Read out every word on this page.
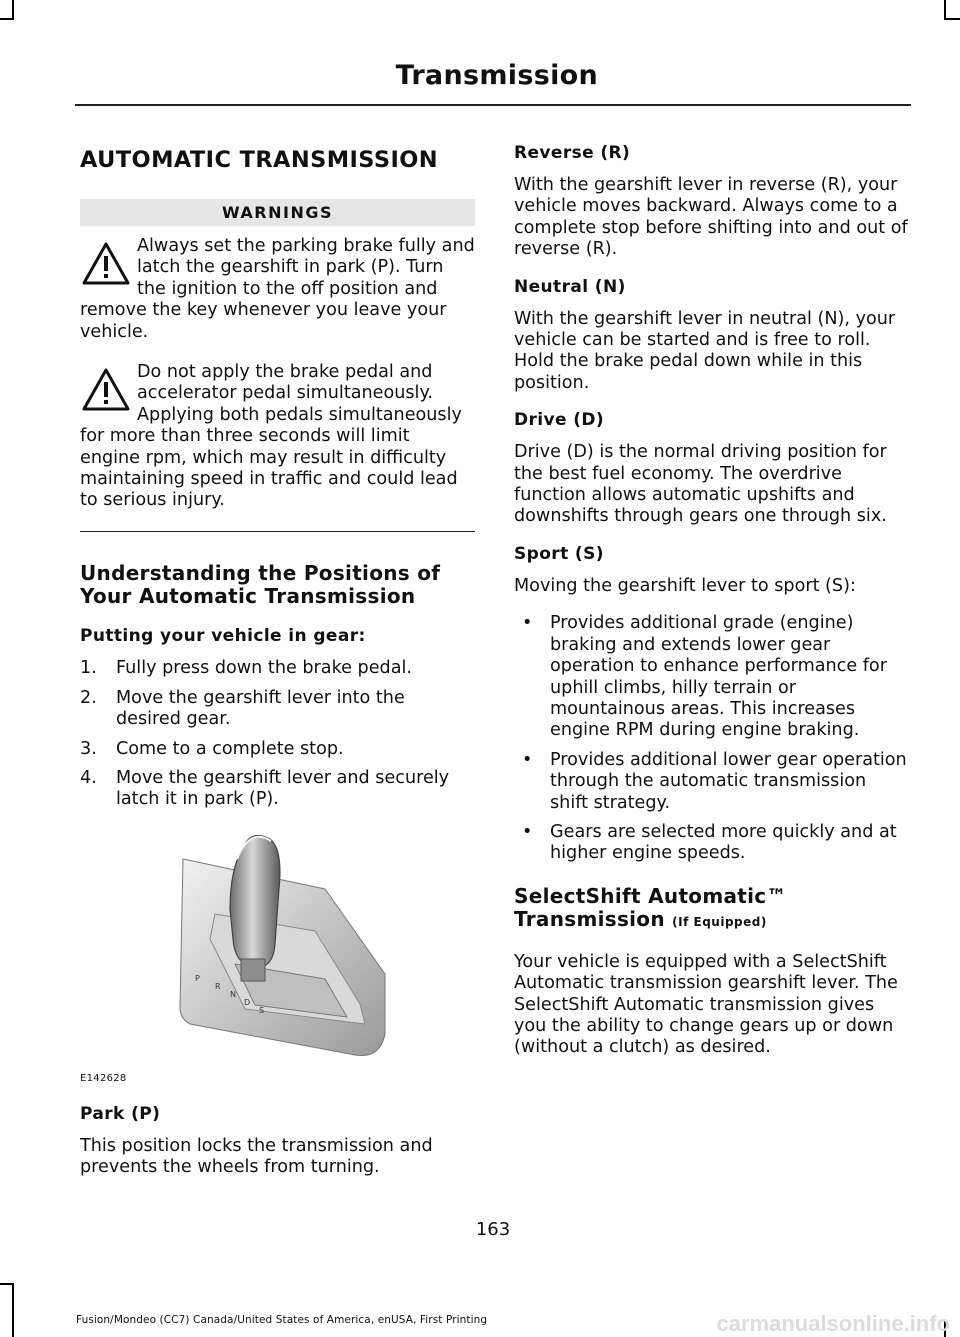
Transmission
AUTOMATIC TRANSMISSION
WARNINGS
Always set the parking brake fully and latch the gearshift in park (P). Turn the ignition to the off position and remove the key whenever you leave your vehicle.
Do not apply the brake pedal and accelerator pedal simultaneously. Applying both pedals simultaneously for more than three seconds will limit engine rpm, which may result in difficulty maintaining speed in traffic and could lead to serious injury.
Understanding the Positions of Your Automatic Transmission
Putting your vehicle in gear:
1. Fully press down the brake pedal.
2. Move the gearshift lever into the desired gear.
3. Come to a complete stop.
4. Move the gearshift lever and securely latch it in park (P).
P
R
N
D
S
E142628
Park (P)
This position locks the transmission and prevents the wheels from turning.
Reverse (R)
With the gearshift lever in reverse (R), your vehicle moves backward. Always come to a complete stop before shifting into and out of reverse (R).
Neutral (N)
With the gearshift lever in neutral (N), your vehicle can be started and is free to roll. Hold the brake pedal down while in this position.
Drive (D)
Drive (D) is the normal driving position for the best fuel economy. The overdrive function allows automatic upshifts and downshifts through gears one through six.
Sport (S)
Moving the gearshift lever to sport (S):
• Provides additional grade (engine) braking and extends lower gear operation to enhance performance for uphill climbs, hilly terrain or mountainous areas. This increases engine RPM during engine braking.
• Provides additional lower gear operation through the automatic transmission shift strategy.
• Gears are selected more quickly and at higher engine speeds.
SelectShift Automatic™
Transmission (If Equipped)
Your vehicle is equipped with a SelectShift Automatic transmission gearshift lever. The SelectShift Automatic transmission gives you the ability to change gears up or down (without a clutch) as desired.
163
Fusion/Mondeo (CC7) Canada/United States of America, enUSA, First Printing	carmanualsonline.info
